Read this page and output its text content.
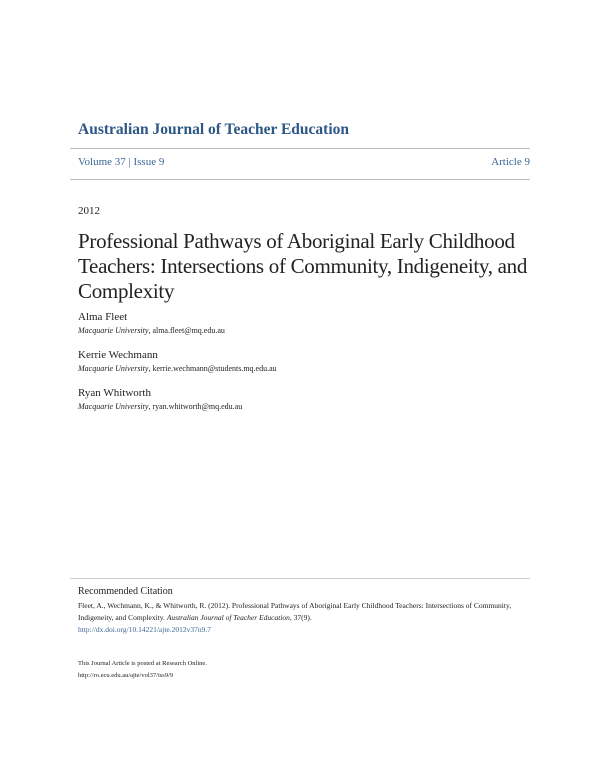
Australian Journal of Teacher Education
Volume 37 | Issue 9	Article 9
2012
Professional Pathways of Aboriginal Early Childhood Teachers: Intersections of Community, Indigeneity, and Complexity
Alma Fleet
Macquarie University, alma.fleet@mq.edu.au
Kerrie Wechmann
Macquarie University, kerrie.wechmann@students.mq.edu.au
Ryan Whitworth
Macquarie University, ryan.whitworth@mq.edu.au
Recommended Citation
Fleet, A., Wechmann, K., & Whitworth, R. (2012). Professional Pathways of Aboriginal Early Childhood Teachers: Intersections of Community, Indigeneity, and Complexity. Australian Journal of Teacher Education, 37(9).
http://dx.doi.org/10.14221/ajte.2012v37n9.7
This Journal Article is posted at Research Online.
http://ro.ecu.edu.au/ajte/vol37/iss9/9
